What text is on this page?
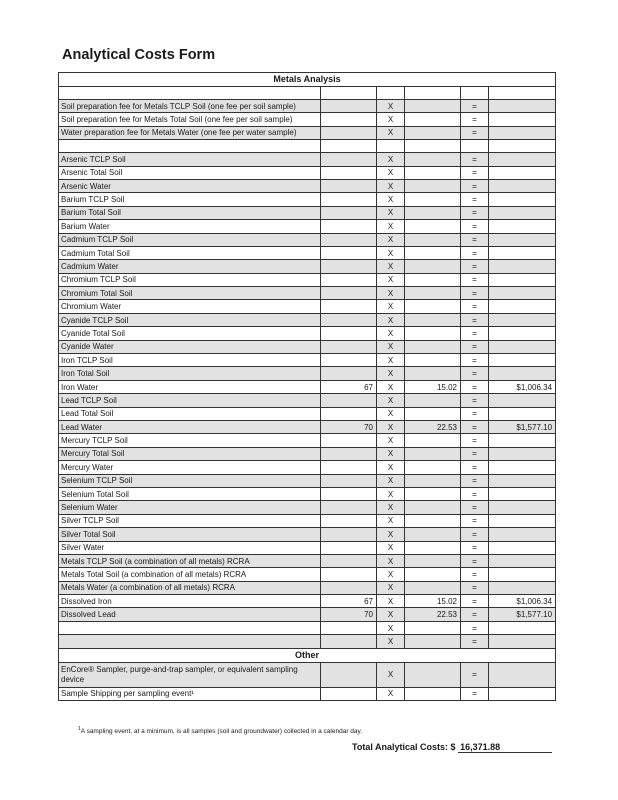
Analytical Costs Form
Metals Analysis					

Soil preparation fee for Metals TCLP Soil (one fee per soil sample)		X		=	
Soil preparation fee for Metals Total Soil (one fee per soil sample)		X		=	
Water preparation fee for Metals Water (one fee per water sample)		X		=	

Arsenic TCLP Soil		X		=	
Arsenic Total Soil		X		=	
Arsenic Water		X		=	
Barium TCLP Soil		X		=	
Barium Total Soil		X		=	
Barium Water		X		=	
Cadmium TCLP Soil		X		=	
Cadmium Total Soil		X		=	
Cadmium Water		X		=	
Chromium TCLP Soil		X		=	
Chromium Total Soil		X		=	
Chromium Water		X		=	
Cyanide TCLP Soil		X		=	
Cyanide Total Soil		X		=	
Cyanide Water		X		=	
Iron TCLP Soil		X		=	
Iron Total Soil		X		=	
Iron Water	67	X	15.02	=	$1,006.34
Lead TCLP Soil		X		=	
Lead Total Soil		X		=	
Lead Water	70	X	22.53	=	$1,577.10
Mercury TCLP Soil		X		=	
Mercury Total Soil		X		=	
Mercury Water		X		=	
Selenium TCLP Soil		X		=	
Selenium Total Soil		X		=	
Selenium Water		X		=	
Silver TCLP Soil		X		=	
Silver Total Soil		X		=	
Silver Water		X		=	
Metals TCLP Soil (a combination of all metals) RCRA		X		=	
Metals Total Soil (a combination of all metals) RCRA		X		=	
Metals Water (a combination of all metals) RCRA		X		=	
Dissolved Iron	67	X	15.02	=	$1,006.34
Dissolved Lead	70	X	22.53	=	$1,577.10
		X		=	
		X		=	
Other					
EnCore® Sampler, purge-and-trap sampler, or equivalent sampling device		X		=	
Sample Shipping per sampling event¹		X		=	

$^1$A sampling event, at a minimum, is all samples (soil and groundwater) collected in a calendar day.

Total Analytical Costs: $ 16,371.88
